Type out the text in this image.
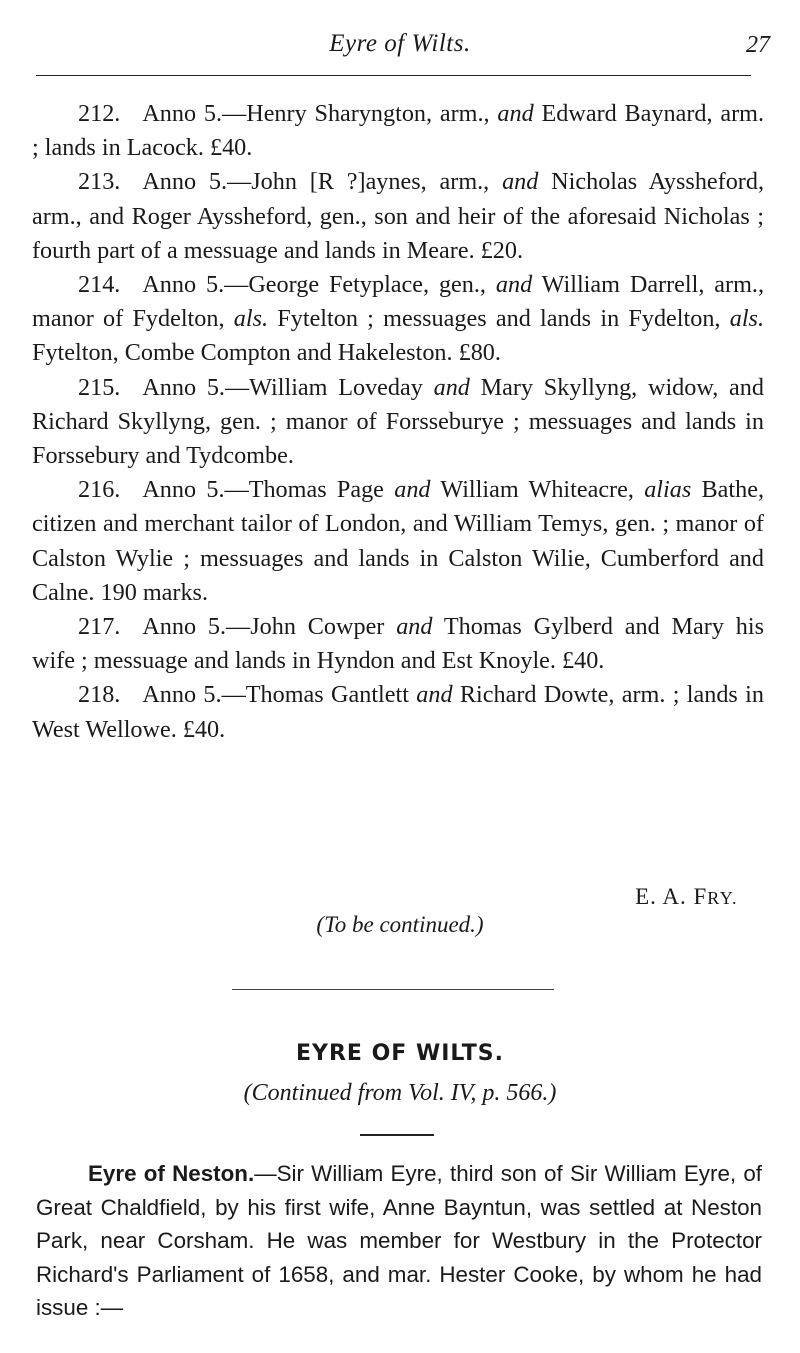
Eyre of Wilts.	27

212. Anno 5.—Henry Sharyngton, arm., and Edward Baynard, arm. ; lands in Lacock. £40.

213. Anno 5.—John [R ?]aynes, arm., and Nicholas Ayssheford, arm., and Roger Ayssheford, gen., son and heir of the aforesaid Nicholas ; fourth part of a messuage and lands in Meare. £20.

214. Anno 5.—George Fetyplace, gen., and William Darrell, arm., manor of Fydelton, als. Fytelton ; messuages and lands in Fydelton, als. Fytelton, Combe Compton and Hakeleston. £80.

215. Anno 5.—William Loveday and Mary Skyllyng, widow, and Richard Skyllyng, gen. ; manor of Forsseburye ; messuages and lands in Forssebury and Tydcombe.

216. Anno 5.—Thomas Page and William Whiteacre, alias Bathe, citizen and merchant tailor of London, and William Temys, gen. ; manor of Calston Wylie ; messuages and lands in Calston Wilie, Cumberford and Calne. 190 marks.

217. Anno 5.—John Cowper and Thomas Gylberd and Mary his wife ; messuage and lands in Hyndon and Est Knoyle. £40.

218. Anno 5.—Thomas Gantlett and Richard Dowte, arm. ; lands in West Wellowe. £40.

E. A. FRY.
(To be continued.)
EYRE OF WILTS.
(Continued from Vol. IV, p. 566.)
Eyre of Neston.—Sir William Eyre, third son of Sir William Eyre, of Great Chaldfield, by his first wife, Anne Bayntun, was settled at Neston Park, near Corsham. He was member for Westbury in the Protector Richard's Parliament of 1658, and mar. Hester Cooke, by whom he had issue :—
